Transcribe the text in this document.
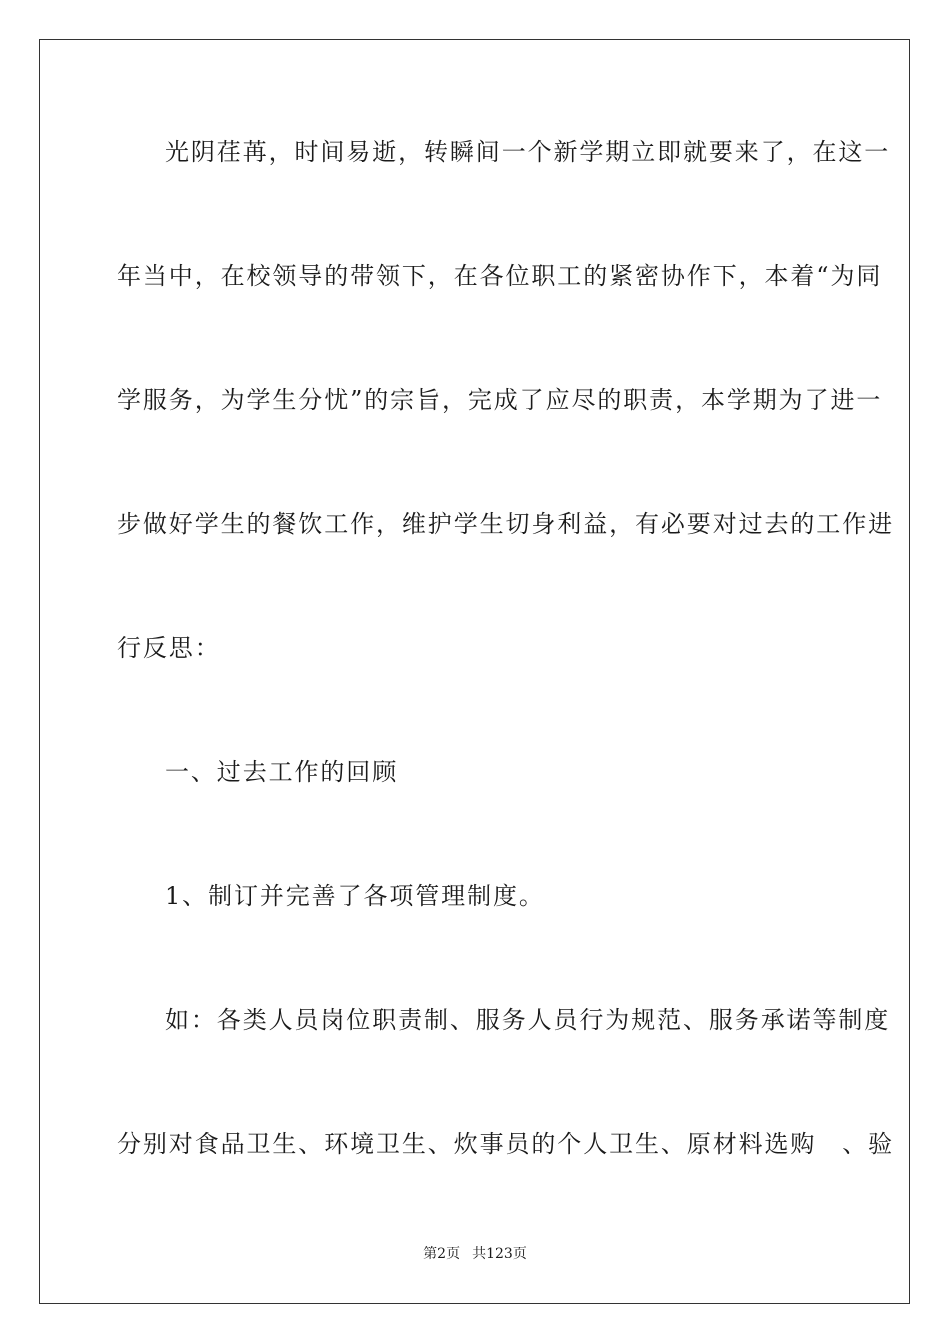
光阴荏苒，时间易逝，转瞬间一个新学期立即就要来了，在这一
年当中，在校领导的带领下，在各位职工的紧密协作下，本着“为同
学服务，为学生分忧”的宗旨，完成了应尽的职责，本学期为了进一
步做好学生的餐饮工作，维护学生切身利益，有必要对过去的工作进
行反思：
一、过去工作的回顾
1、制订并完善了各项管理制度。
如：各类人员岗位职责制、服务人员行为规范、服务承诺等制度
分别对食品卫生、环境卫生、炊事员的个人卫生、原材料选购　、验
第2页 共123页
